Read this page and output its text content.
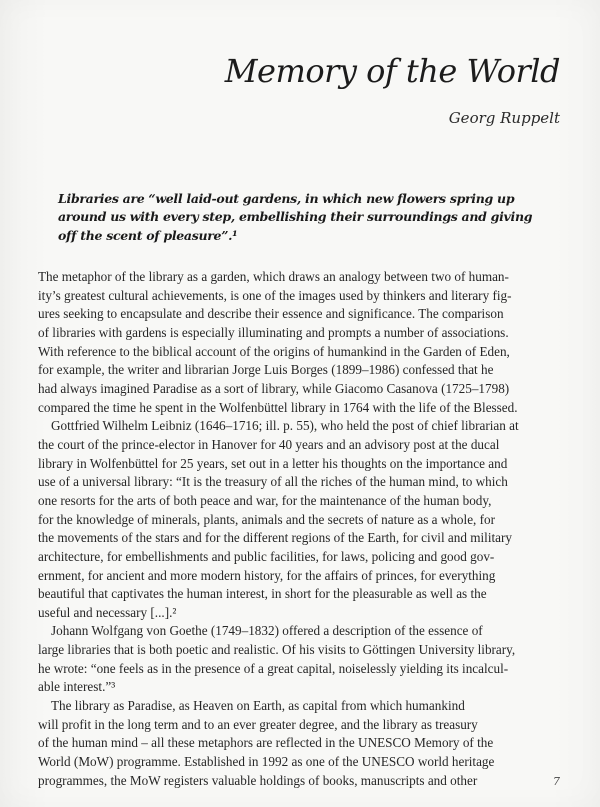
Memory of the World

Georg Ruppelt

Libraries are “well laid-out gardens, in which new flowers spring up
around us with every step, embellishing their surroundings and giving
off the scent of pleasure”.¹
The metaphor of the library as a garden, which draws an analogy between two of human-
ity’s greatest cultural achievements, is one of the images used by thinkers and literary fig-
ures seeking to encapsulate and describe their essence and significance. The comparison
of libraries with gardens is especially illuminating and prompts a number of associations.
With reference to the biblical account of the origins of humankind in the Garden of Eden,
for example, the writer and librarian Jorge Luis Borges (1899–1986) confessed that he
had always imagined Paradise as a sort of library, while Giacomo Casanova (1725–1798)
compared the time he spent in the Wolfenbüttel library in 1764 with the life of the Blessed.
Gottfried Wilhelm Leibniz (1646–1716; ill. p. 55), who held the post of chief librarian at
the court of the prince-elector in Hanover for 40 years and an advisory post at the ducal
library in Wolfenbüttel for 25 years, set out in a letter his thoughts on the importance and
use of a universal library: “It is the treasury of all the riches of the human mind, to which
one resorts for the arts of both peace and war, for the maintenance of the human body,
for the knowledge of minerals, plants, animals and the secrets of nature as a whole, for
the movements of the stars and for the different regions of the Earth, for civil and military
architecture, for embellishments and public facilities, for laws, policing and good gov-
ernment, for ancient and more modern history, for the affairs of princes, for everything
beautiful that captivates the human interest, in short for the pleasurable as well as the
useful and necessary [...].²
Johann Wolfgang von Goethe (1749–1832) offered a description of the essence of
large libraries that is both poetic and realistic. Of his visits to Göttingen University library,
he wrote: “one feels as in the presence of a great capital, noiselessly yielding its incalcul-
able interest.”³
The library as Paradise, as Heaven on Earth, as capital from which humankind
will profit in the long term and to an ever greater degree, and the library as treasury
of the human mind – all these metaphors are reflected in the UNESCO Memory of the
World (MoW) programme. Established in 1992 as one of the UNESCO world heritage
programmes, the MoW registers valuable holdings of books, manuscripts and other	7
